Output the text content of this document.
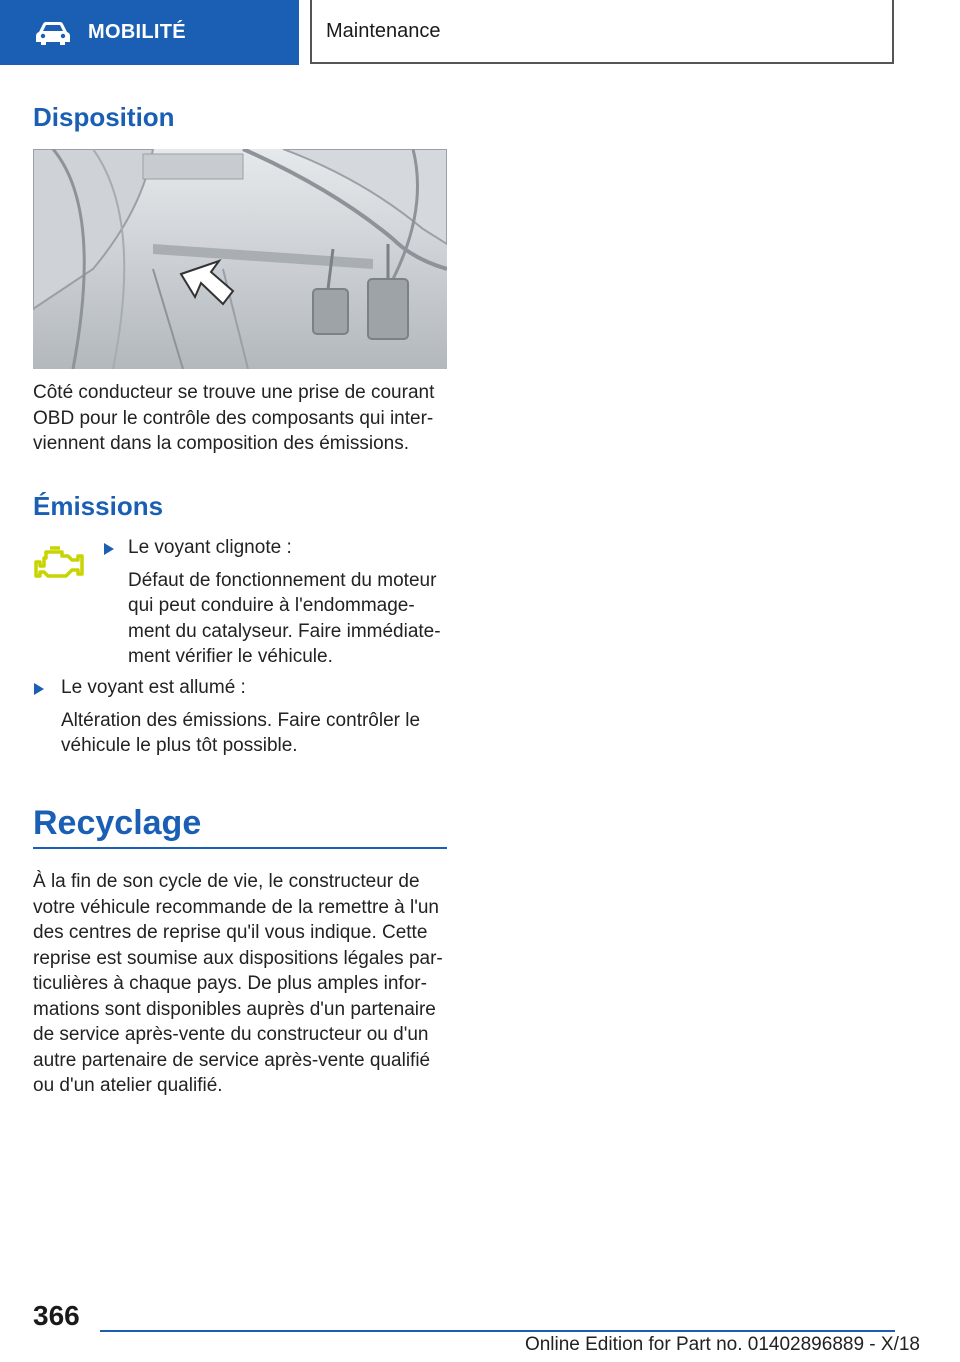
MOBILITÉ	Maintenance
Disposition
Côté conducteur se trouve une prise de courant
OBD pour le contrôle des composants qui inter-
viennent dans la composition des émissions.
Émissions
Le voyant clignote :
Défaut de fonctionnement du moteur
qui peut conduire à l'endommage-
ment du catalyseur. Faire immédiate-
ment vérifier le véhicule.
Le voyant est allumé :
Altération des émissions. Faire contrôler le
véhicule le plus tôt possible.
Recyclage
À la fin de son cycle de vie, le constructeur de
votre véhicule recommande de la remettre à l'un
des centres de reprise qu'il vous indique. Cette
reprise est soumise aux dispositions légales par-
ticulières à chaque pays. De plus amples infor-
mations sont disponibles auprès d'un partenaire
de service après-vente du constructeur ou d'un
autre partenaire de service après-vente qualifié
ou d'un atelier qualifié.
366
Online Edition for Part no. 01402896889 - X/18
